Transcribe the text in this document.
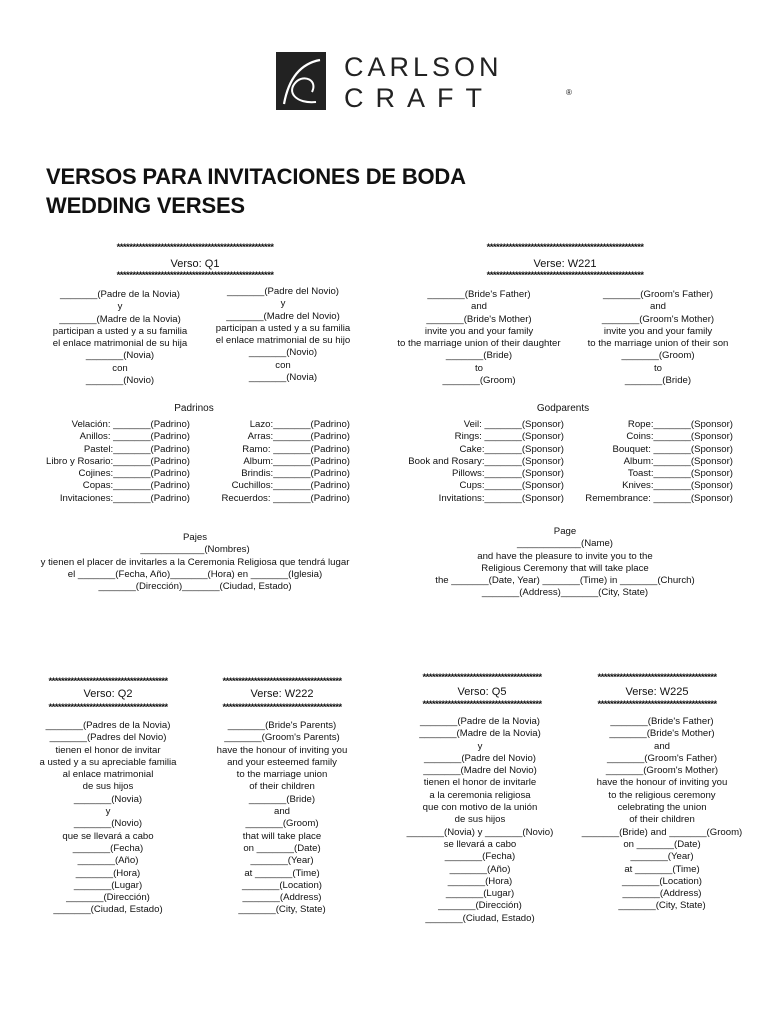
CARLSON
CRAFT	®
VERSOS PARA INVITACIONES DE BODA
WEDDING VERSES
**************************************************
Verso: Q1
**************************************************
_______(Padre de la Novia)
y
_______(Madre de la Novia)
participan a usted y a su familia
el enlace matrimonial de su hija
_______(Novia)
con
_______(Novio)
_______(Padre del Novio)
y
_______(Madre del Novio)
participan a usted y a su familia
el enlace matrimonial de su hijo
_______(Novio)
con
_______(Novia)
**************************************************
Verse: W221
**************************************************
_______(Bride's Father)
and
_______(Bride's Mother)
invite you and your family
to the marriage union of their daughter
_______(Bride)
to
_______(Groom)
_______(Groom's Father)
and
_______(Groom's Mother)
invite you and your family
to the marriage union of their son
_______(Groom)
to
_______(Bride)
Padrinos
Velación: _______(Padrino)
Anillos: _______(Padrino)
Pastel:_______(Padrino)
Libro y Rosario:_______(Padrino)
Cojines:_______(Padrino)
Copas:_______(Padrino)
Invitaciones:_______(Padrino)
Lazo:_______(Padrino)
Arras:_______(Padrino)
Ramo: _______(Padrino)
Album:_______(Padrino)
Brindis:_______(Padrino)
Cuchillos:_______(Padrino)
Recuerdos: _______(Padrino)
Godparents
Veil: _______(Sponsor)
Rings: _______(Sponsor)
Cake:_______(Sponsor)
Book and Rosary:_______(Sponsor)
Pillows:_______(Sponsor)
Cups:_______(Sponsor)
Invitations:_______(Sponsor)
Rope:_______(Sponsor)
Coins:_______(Sponsor)
Bouquet: _______(Sponsor)
Album:_______(Sponsor)
Toast:_______(Sponsor)
Knives:_______(Sponsor)
Remembrance: _______(Sponsor)
Pajes
____________(Nombres)
y tienen el placer de invitarles a la Ceremonia Religiosa que tendrá lugar
el _______(Fecha, Año)_______(Hora) en _______(Iglesia)
_______(Dirección)_______(Ciudad, Estado)
Page
____________(Name)
and have the pleasure to invite you to the
Religious Ceremony that will take place
the _______(Date, Year) _______(Time) in _______(Church)
_______(Address)_______(City, State)
**************************************
Verso: Q2
**************************************
_______(Padres de la Novia)
_______(Padres del Novio)
tienen el honor de invitar
a usted y a su apreciable familia
al enlace matrimonial
de sus hijos
_______(Novia)
y
_______(Novio)
que se llevará a cabo
_______(Fecha)
_______(Año)
_______(Hora)
_______(Lugar)
_______(Dirección)
_______(Ciudad, Estado)
**************************************
Verse: W222
**************************************
_______(Bride's Parents)
_______(Groom's Parents)
have the honour of inviting you
and your esteemed family
to the marriage union
of their children
_______(Bride)
and
_______(Groom)
that will take place
on _______(Date)
_______(Year)
at _______(Time)
_______(Location)
_______(Address)
_______(City, State)
**************************************
Verso: Q5
**************************************
_______(Padre de la Novia)
_______(Madre de la Novia)
y
_______(Padre del Novio)
_______(Madre del Novio)
tienen el honor de invitarle
a la ceremonia religiosa
que con motivo de la unión
de sus hijos
_______(Novia) y _______(Novio)
se llevará a cabo
_______(Fecha)
_______(Año)
_______(Hora)
_______(Lugar)
_______(Dirección)
_______(Ciudad, Estado)
**************************************
Verse: W225
**************************************
_______(Bride's Father)
_______(Bride's Mother)
and
_______(Groom's Father)
_______(Groom's Mother)
have the honour of inviting you
to the religious ceremony
celebrating the union
of their children
_______(Bride) and _______(Groom)
on _______(Date)
_______(Year)
at _______(Time)
_______(Location)
_______(Address)
_______(City, State)
